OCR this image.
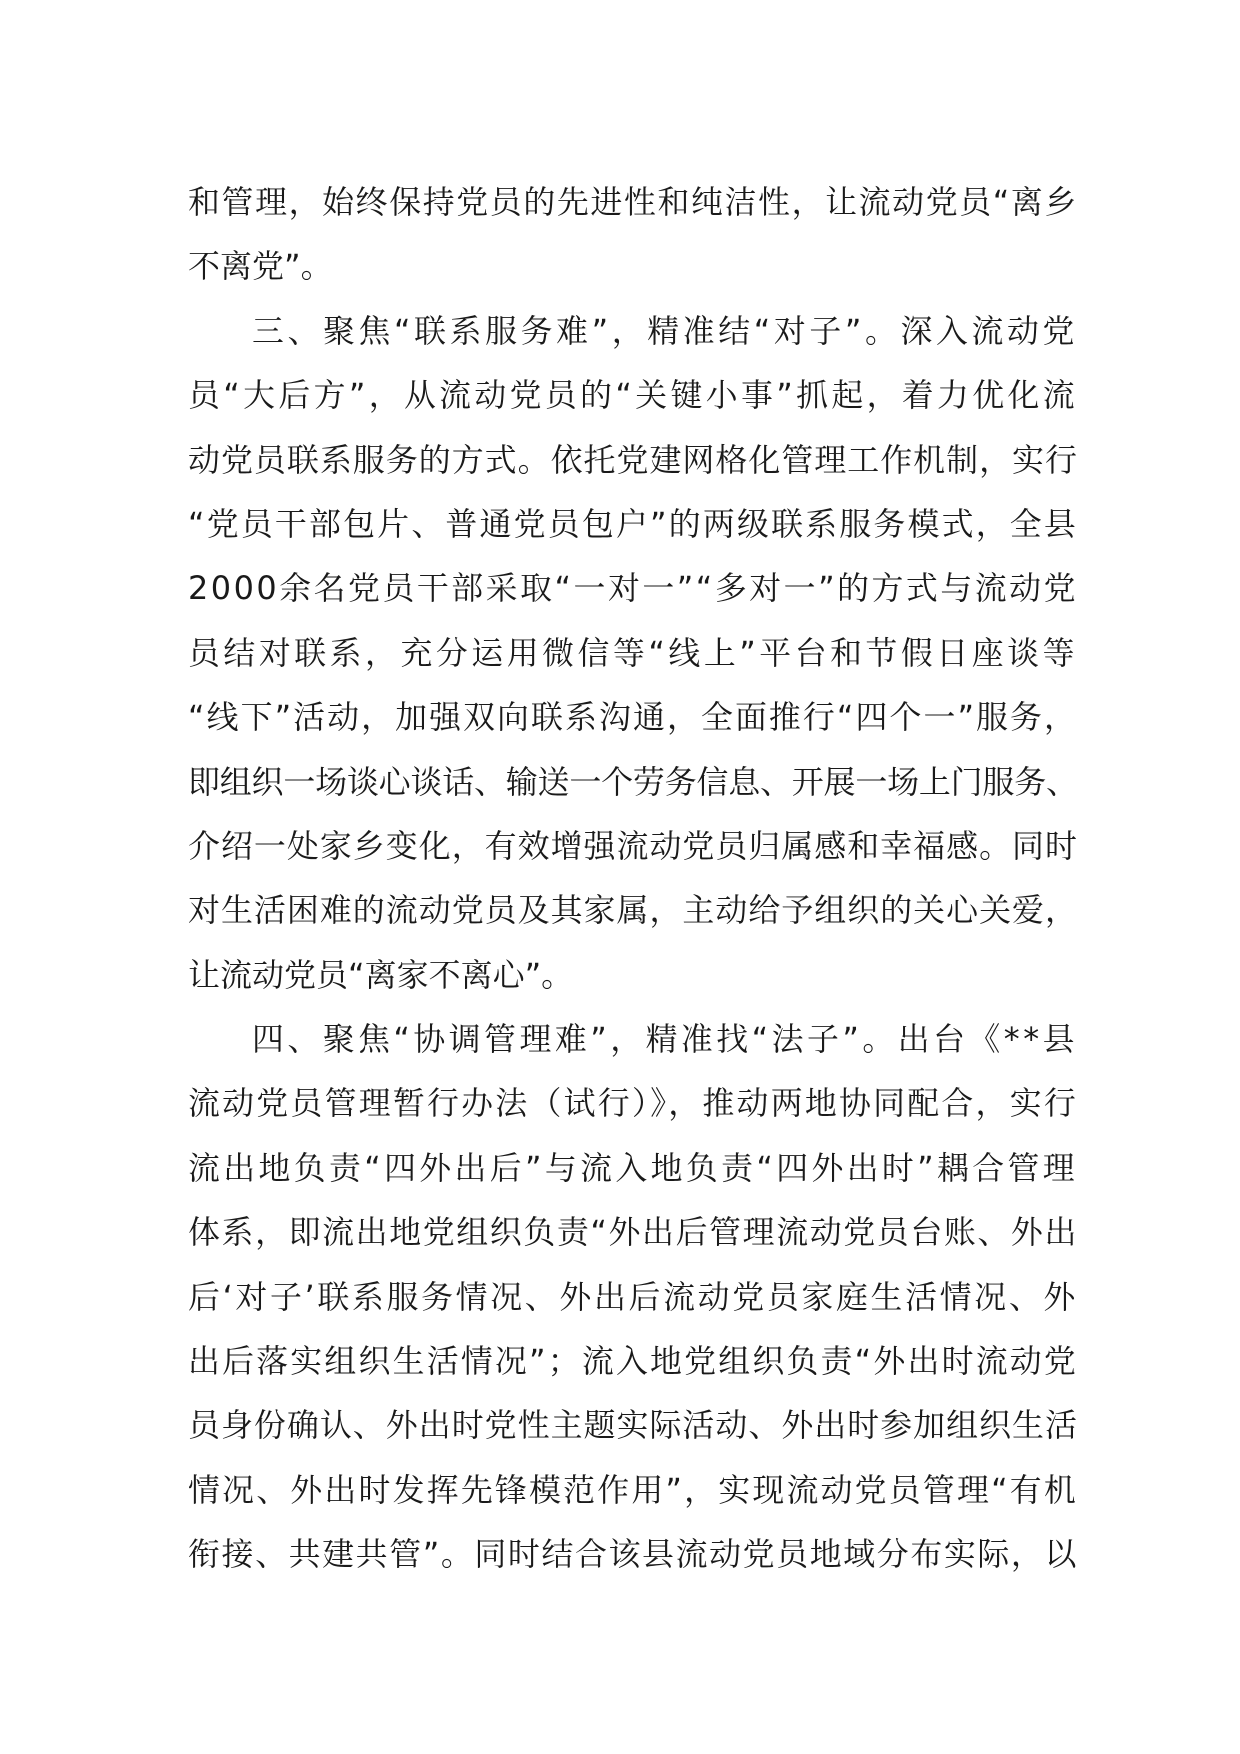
和管理，始终保持党员的先进性和纯洁性，让流动党员“离乡
不离党”。
三、聚焦“联系服务难”，精准结“对子”。深入流动党
员“大后方”，从流动党员的“关键小事”抓起，着力优化流
动党员联系服务的方式。依托党建网格化管理工作机制，实行
“党员干部包片、普通党员包户”的两级联系服务模式，全县
2000余名党员干部采取“一对一”“多对一”的方式与流动党
员结对联系，充分运用微信等“线上”平台和节假日座谈等
“线下”活动，加强双向联系沟通，全面推行“四个一”服务，
即组织一场谈心谈话、输送一个劳务信息、开展一场上门服务、
介绍一处家乡变化，有效增强流动党员归属感和幸福感。同时
对生活困难的流动党员及其家属，主动给予组织的关心关爱，
让流动党员“离家不离心”。
四、聚焦“协调管理难”，精准找“法子”。出台《**县
流动党员管理暂行办法（试行）》，推动两地协同配合，实行
流出地负责“四外出后”与流入地负责“四外出时”耦合管理
体系，即流出地党组织负责“外出后管理流动党员台账、外出
后‘对子’联系服务情况、外出后流动党员家庭生活情况、外
出后落实组织生活情况”；流入地党组织负责“外出时流动党
员身份确认、外出时党性主题实际活动、外出时参加组织生活
情况、外出时发挥先锋模范作用”，实现流动党员管理“有机
衔接、共建共管”。同时结合该县流动党员地域分布实际，以
